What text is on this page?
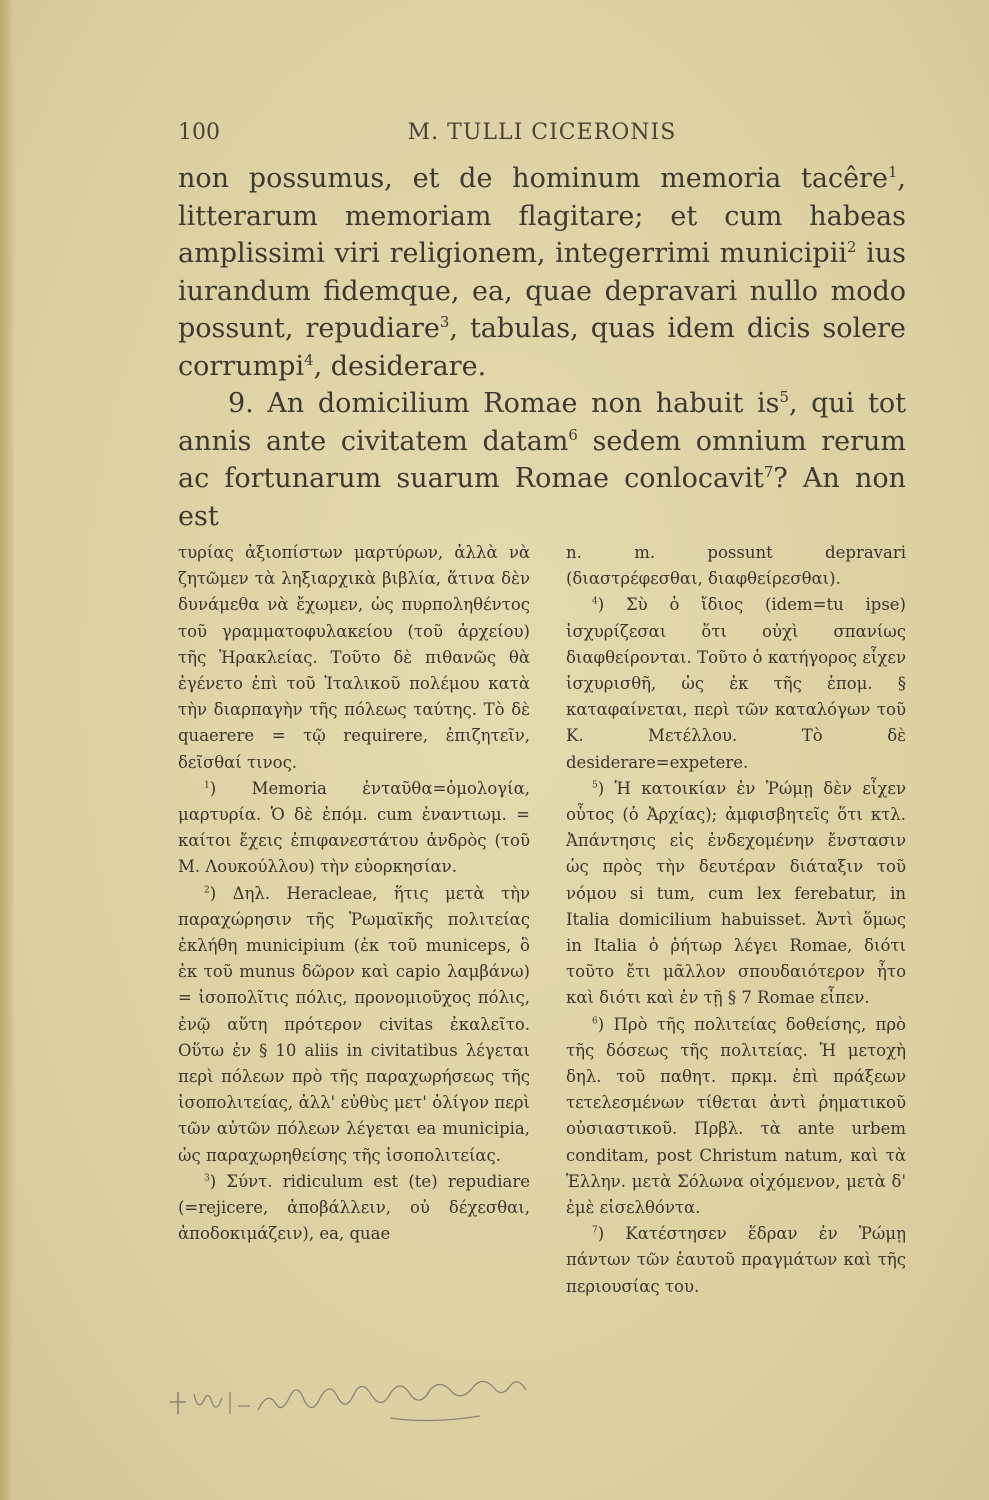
100	M. TULLI CICERONIS

non possumus, et de hominum memoria tacêre$^1$, litterarum memoriam flagitare; et cum habeas amplissimi viri religionem, integerrimi municipii$^2$ ius iurandum fidemque, ea, quae depravari nullo modo possunt, repudiare$^3$, tabulas, quas idem dicis solere corrumpi$^4$, desiderare.

9. An domicilium Romae non habuit $is^5$, qui tot annis ante civitatem datam$^6$ sedem omnium rerum ac fortunarum suarum Romae conlocavit$^7$? An non est

τυρίας ἀξιοπίστων μαρτύρων, ἀλλὰ νὰ ζητῶμεν τὰ ληξιαρχικὰ βιβλία, ἅτινα δὲν δυνάμεθα νὰ ἔχωμεν, ὡς πυρποληθέντος τοῦ γραμματοφυλακείου (τοῦ ἀρχείου) τῆς Ἡρακλείας. Τοῦτο δὲ πιθανῶς θὰ ἐγένετο ἐπὶ τοῦ Ἰταλικοῦ πολέμου κατὰ τὴν διαρπαγὴν τῆς πόλεως ταύτης. Τὸ δὲ quaerere = τῷ requirere, ἐπιζητεῖν, δεῖσθαί τινος.

$^1$) Memoria ἐνταῦθα=ὁμολογία, μαρτυρία. Ὁ δὲ ἐπόμ. cum ἐναντιωμ. = καίτοι ἔχεις ἐπιφανεστάτου ἀνδρὸς (τοῦ Μ. Λουκούλλου) τὴν εὐορκησίαν.

$^2$) Δηλ. Heracleae, ἥτις μετὰ τὴν παραχώρησιν τῆς Ῥωμαϊκῆς πολιτείας ἐκλήθη municipium (ἐκ τοῦ municeps, ὃ ἐκ τοῦ munus δῶρον καὶ capio λαμβάνω) = ἰσοπολῖτις πόλις, προνομιοῦχος πόλις, ἐνῷ αὕτη πρότερον civitas ἐκαλεῖτο. Οὕτω ἐν § 10 aliis in civitatibus λέγεται περὶ πόλεων πρὸ τῆς παραχωρήσεως τῆς ἰσοπολιτείας, ἀλλ' εὐθὺς μετ' ὀλίγον περὶ τῶν αὐτῶν πόλεων λέγεται ea municipia, ὡς παραχωρηθείσης τῆς ἰσοπολιτείας.

$^3$) Σύντ. ridiculum est (te) repudiare (=rejicere, ἀποβάλλειν, οὐ δέχεσθαι, ἀποδοκιμάζειν), ea, quae

n. m. possunt depravari (διαστρέφεσθαι, διαφθείρεσθαι).

$^4$) Σὺ ὁ ἴδιος (idem=tu ipse) ἰσχυρίζεσαι ὅτι οὐχὶ σπανίως διαφθείρονται. Τοῦτο ὁ κατήγορος εἶχεν ἰσχυρισθῆ, ὡς ἐκ τῆς ἑπομ. § καταφαίνεται, περὶ τῶν καταλόγων τοῦ Κ. Μετέλλου. Τὸ δὲ desiderare=expetere.

$^5$) Ἡ κατοικίαν ἐν Ῥώμῃ δὲν εἶχεν οὗτος (ὁ Ἀρχίας); ἀμφισβητεῖς ὅτι κτλ. Ἀπάντησις εἰς ἐνδεχομένην ἔνστασιν ὡς πρὸς τὴν δευτέραν διάταξιν τοῦ νόμου si tum, cum lex ferebatur, in Italia domicilium habuisset. Ἀντὶ ὅμως in Italia ὁ ῥήτωρ λέγει Romae, διότι τοῦτο ἔτι μᾶλλον σπουδαιότερον ἦτο καὶ διότι καὶ ἐν τῇ § 7 Romae εἶπεν.

$^6$) Πρὸ τῆς πολιτείας δοθείσης, πρὸ τῆς δόσεως τῆς πολιτείας. Ἡ μετοχὴ δηλ. τοῦ παθητ. πρκμ. ἐπὶ πράξεων τετελεσμένων τίθεται ἀντὶ ῥηματικοῦ οὐσιαστικοῦ. Πρβλ. τὰ ante urbem conditam, post Christum natum, καὶ τὰ Ἑλλην. μετὰ Σόλωνα οἰχόμενον, μετὰ δ' ἐμὲ εἰσελθόντα.

$^7$) Κατέστησεν ἕδραν ἐν Ῥώμῃ πάντων τῶν ἑαυτοῦ πραγμάτων καὶ τῆς περιουσίας του.
